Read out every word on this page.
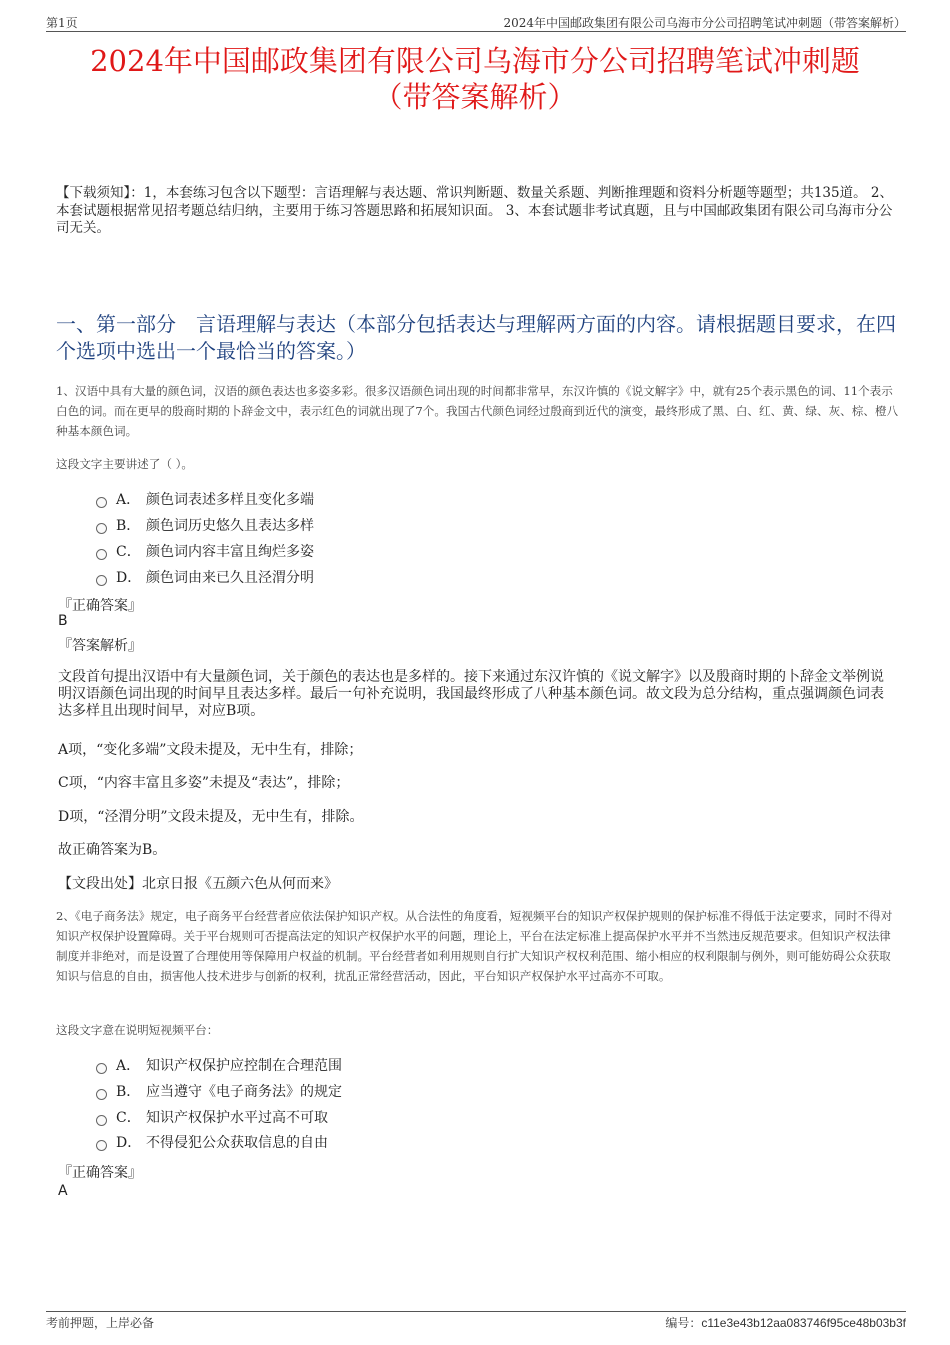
第1页	2024年中国邮政集团有限公司乌海市分公司招聘笔试冲刺题（带答案解析）
2024年中国邮政集团有限公司乌海市分公司招聘笔试冲刺题
（带答案解析）
【下载须知】：1，本套练习包含以下题型：言语理解与表达题、常识判断题、数量关系题、判断推理题和资料分析题等题型；共135道。 2、本套试题根据常见招考题总结归纳，主要用于练习答题思路和拓展知识面。 3、本套试题非考试真题，且与中国邮政集团有限公司乌海市分公司无关。
一、第一部分　言语理解与表达（本部分包括表达与理解两方面的内容。请根据题目要求，在四个选项中选出一个最恰当的答案。）
1、汉语中具有大量的颜色词，汉语的颜色表达也多姿多彩。很多汉语颜色词出现的时间都非常早，东汉许慎的《说文解字》中，就有25个表示黑色的词、11个表示白色的词。而在更早的殷商时期的卜辞金文中，表示红色的词就出现了7个。我国古代颜色词经过殷商到近代的演变，最终形成了黑、白、红、黄、绿、灰、棕、橙八种基本颜色词。
这段文字主要讲述了（ ）。
A． 颜色词表述多样且变化多端
B． 颜色词历史悠久且表达多样
C． 颜色词内容丰富且绚烂多姿
D． 颜色词由来已久且泾渭分明
『正确答案』
B
『答案解析』
文段首句提出汉语中有大量颜色词，关于颜色的表达也是多样的。接下来通过东汉许慎的《说文解字》以及殷商时期的卜辞金文举例说明汉语颜色词出现的时间早且表达多样。最后一句补充说明，我国最终形成了八种基本颜色词。故文段为总分结构，重点强调颜色词表达多样且出现时间早，对应B项。
A项，“变化多端”文段未提及，无中生有，排除；
C项，“内容丰富且多姿”未提及“表达”，排除；
D项，“泾渭分明”文段未提及，无中生有，排除。
故正确答案为B。
【文段出处】北京日报《五颜六色从何而来》
2、《电子商务法》规定，电子商务平台经营者应依法保护知识产权。从合法性的角度看，短视频平台的知识产权保护规则的保护标准不得低于法定要求，同时不得对知识产权保护设置障碍。关于平台规则可否提高法定的知识产权保护水平的问题，理论上，平台在法定标准上提高保护水平并不当然违反规范要求。但知识产权法律制度并非绝对，而是设置了合理使用等保障用户权益的机制。平台经营者如利用规则自行扩大知识产权权利范围、缩小相应的权利限制与例外，则可能妨碍公众获取知识与信息的自由，损害他人技术进步与创新的权利，扰乱正常经营活动，因此，平台知识产权保护水平过高亦不可取。
这段文字意在说明短视频平台：
A． 知识产权保护应控制在合理范围
B． 应当遵守《电子商务法》的规定
C． 知识产权保护水平过高不可取
D． 不得侵犯公众获取信息的自由
『正确答案』
A
考前押题，上岸必备	编号：c11e3e43b12aa083746f95ce48b03b3f
